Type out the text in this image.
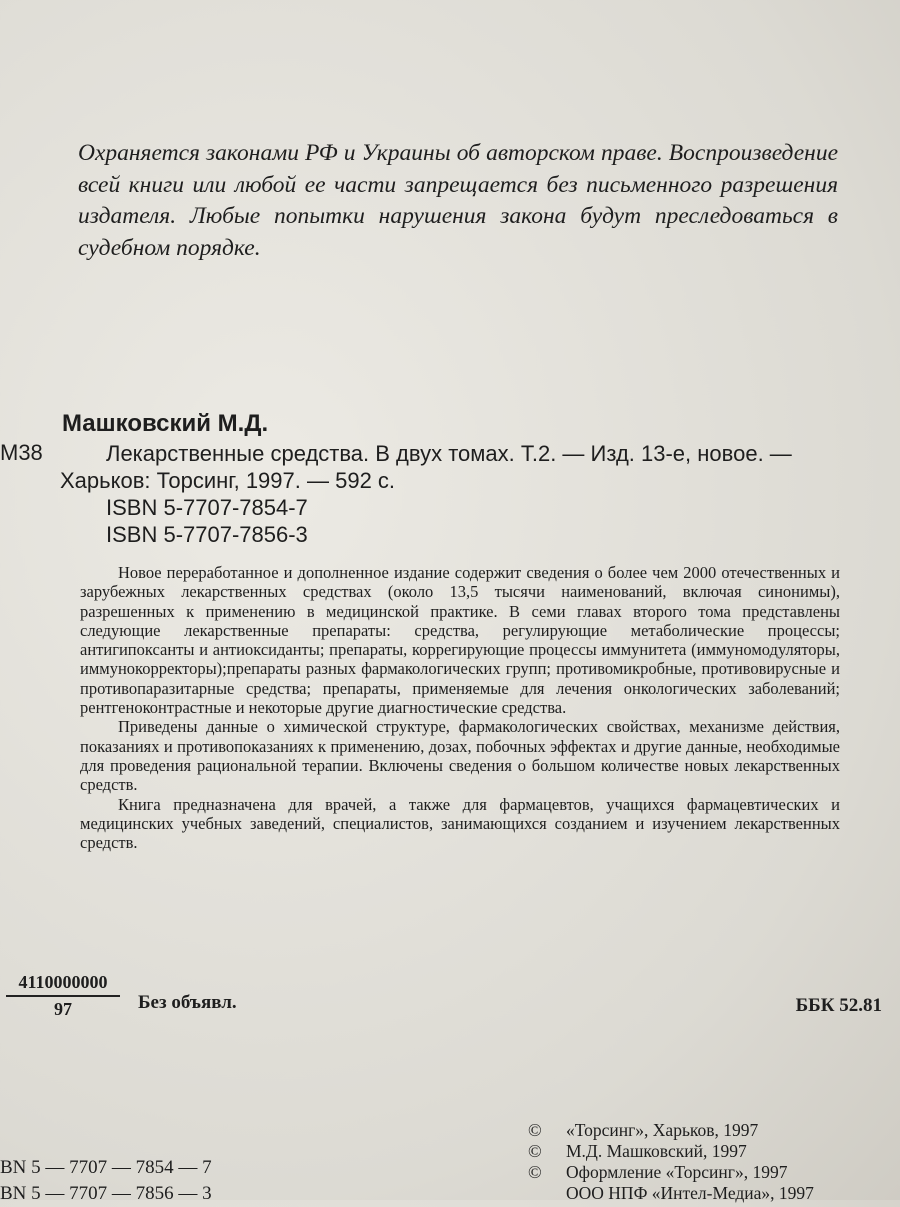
Охраняется законами РФ и Украины об авторском праве. Воспроизведение всей книги или любой ее части запрещается без письменного разрешения издателя. Любые попытки нарушения закона будут преследоваться в судебном порядке.
Машковский М.Д.
М38	Лекарственные средства. В двух томах. Т.2. — Изд. 13-е, новое. —
Харьков: Торсинг, 1997. — 592 с.
ISBN 5-7707-7854-7
ISBN 5-7707-7856-3

Новое переработанное и дополненное издание содержит сведения о более чем 2000 отечественных и зарубежных лекарственных средствах (около 13,5 тысячи наименований, включая синонимы), разрешенных к применению в медицинской практике. В семи главах второго тома представлены следующие лекарственные препараты: средства, регулирующие метаболические процессы; антигипоксанты и антиоксиданты; препараты, коррегирующие процессы иммунитета (иммуномодуляторы, иммунокорректоры);препараты разных фармакологических групп; противомикробные, противовирусные и противопаразитарные средства; препараты, применяемые для лечения онкологических заболеваний; рентгеноконтрастные и некоторые другие диагностические средства.

Приведены данные о химической структуре, фармакологических свойствах, механизме действия, показаниях и противопоказаниях к применению, дозах, побочных эффектах и другие данные, необходимые для проведения рациональной терапии. Включены сведения о большом количестве новых лекарственных средств.

Книга предназначена для врачей, а также для фармацевтов, учащихся фармацевтических и медицинских учебных заведений, специалистов, занимающихся созданием и изучением лекарственных средств.

$\frac{4110000000}{97}$ Без объявл.	ББК 52.81
BN 5 — 7707 — 7854 — 7
BN 5 — 7707 — 7856 — 3
©	«Торсинг», Харьков, 1997
©	М.Д. Машковский, 1997
©	Оформление «Торсинг», 1997
ООО НПФ «Интел-Медиа», 1997
